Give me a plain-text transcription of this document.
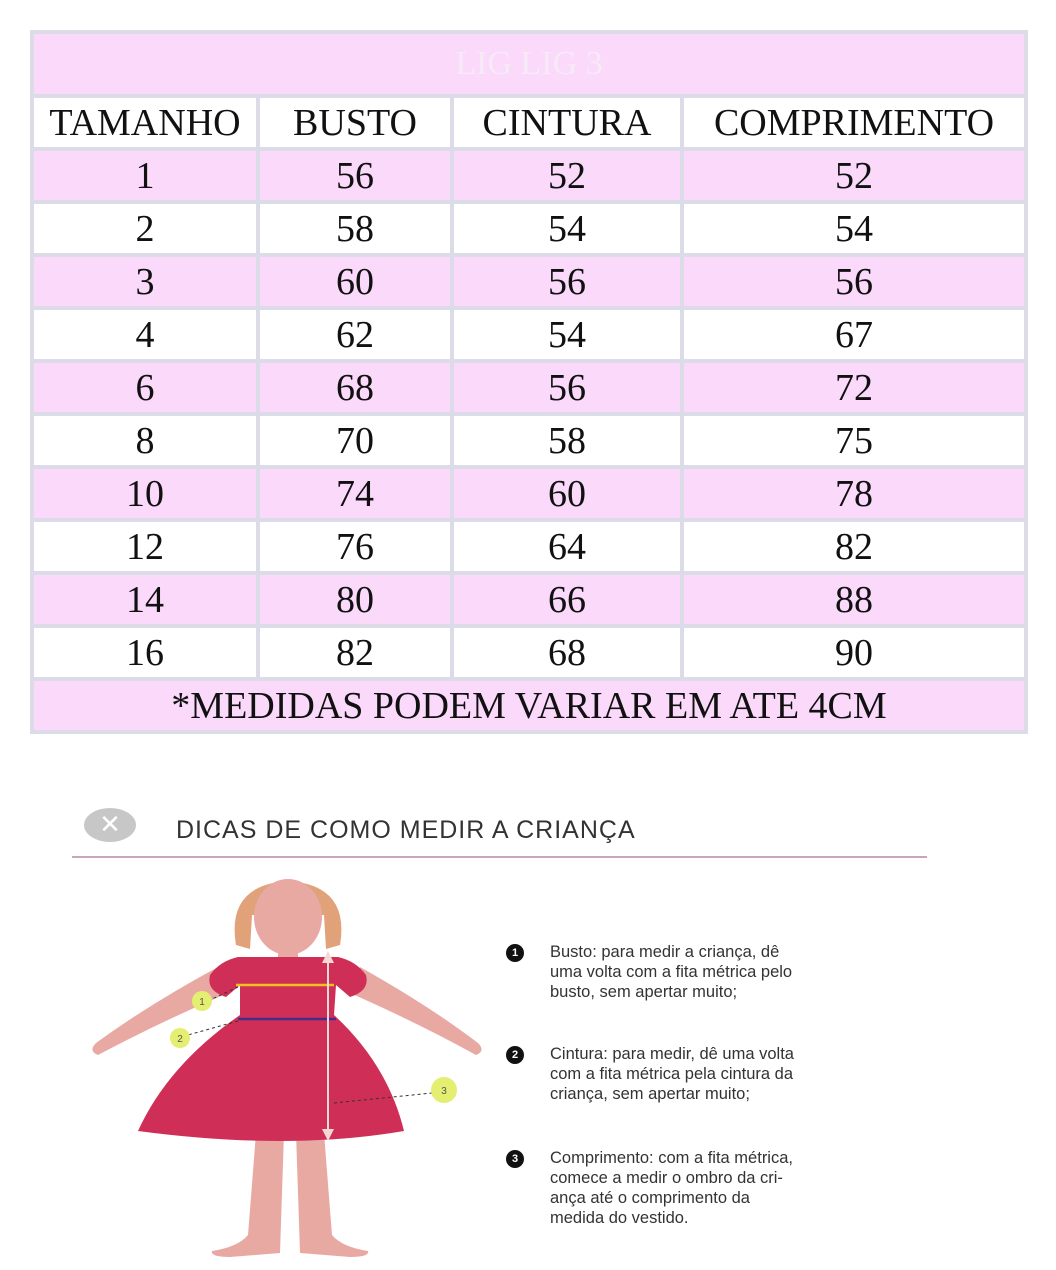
LIG LIG 3			
TAMANHO	BUSTO	CINTURA	COMPRIMENTO
1	56	52	52
2	58	54	54
3	60	56	56
4	62	54	67
6	68	56	72
8	70	58	75
10	74	60	78
12	76	64	82
14	80	66	88
16	82	68	90
*MEDIDAS PODEM VARIAR EM ATE 4CM			
✕	DICAS DE COMO MEDIR A CRIANÇA
1
2
3
1	Busto: para medir a criança, dê
uma volta com a fita métrica pelo
busto, sem apertar muito;
2	Cintura: para medir, dê uma volta
com a fita métrica pela cintura da
criança, sem apertar muito;
3	Comprimento: com a fita métrica,
comece a medir o ombro da cri-
ança até o comprimento da
medida do vestido.
